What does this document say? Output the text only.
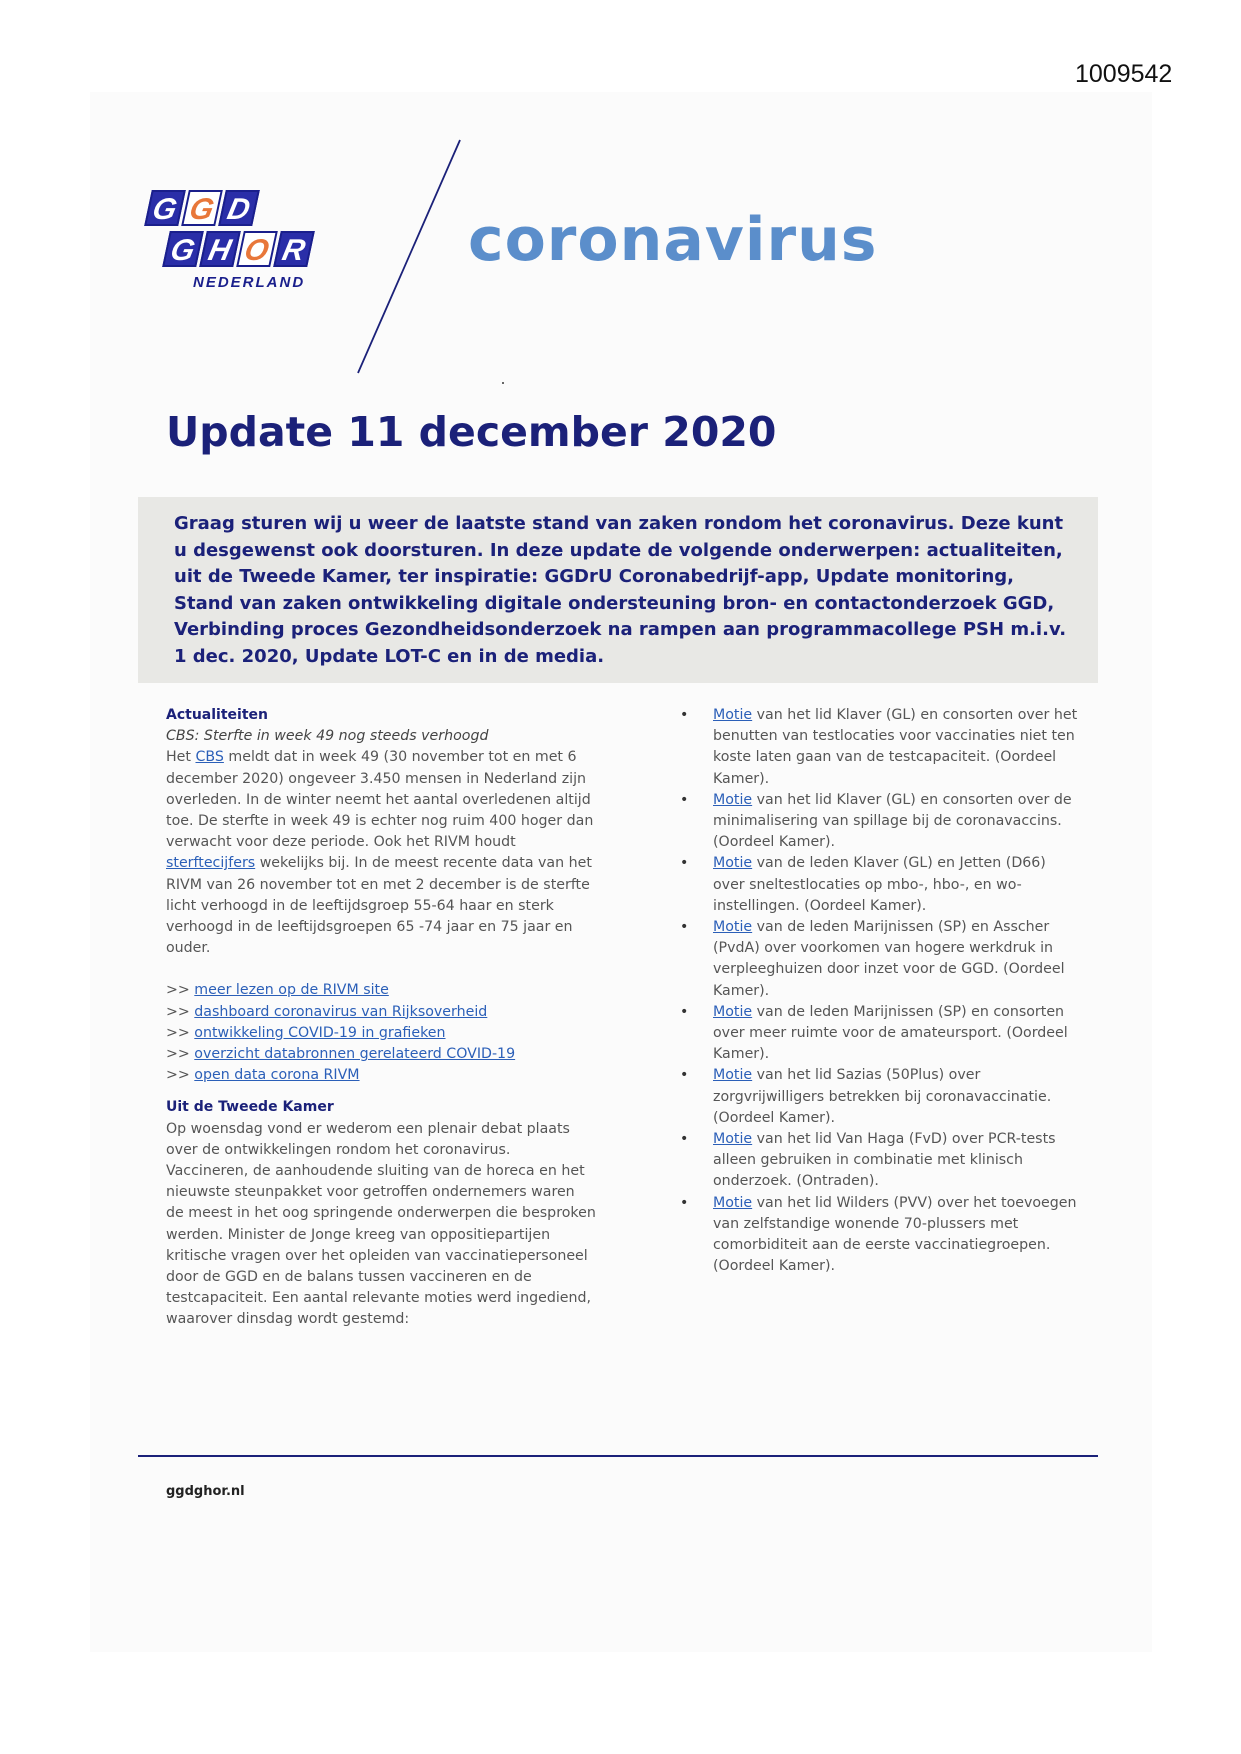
1009542
G G D
G H O R
NEDERLAND
coronavirus
Update 11 december 2020
Graag sturen wij u weer de laatste stand van zaken rondom het coronavirus. Deze kunt u desgewenst ook doorsturen. In deze update de volgende onderwerpen: actualiteiten, uit de Tweede Kamer, ter inspiratie: GGDrU Coronabedrijf-app, Update monitoring, Stand van zaken ontwikkeling digitale ondersteuning bron- en contactonderzoek GGD, Verbinding proces Gezondheidsonderzoek na rampen aan programmacollege PSH m.i.v. 1 dec. 2020, Update LOT-C en in de media.
Actualiteiten
CBS: Sterfte in week 49 nog steeds verhoogd

Het CBS meldt dat in week 49 (30 november tot en met 6 december 2020) ongeveer 3.450 mensen in Nederland zijn overleden. In de winter neemt het aantal overledenen altijd toe. De sterfte in week 49 is echter nog ruim 400 hoger dan verwacht voor deze periode. Ook het RIVM houdt sterftecijfers wekelijks bij. In de meest recente data van het RIVM van 26 november tot en met 2 december is de sterfte licht verhoogd in de leeftijdsgroep 55-64 haar en sterk verhoogd in de leeftijdsgroepen 65 -74 jaar en 75 jaar en ouder.

>> meer lezen op de RIVM site
>> dashboard coronavirus van Rijksoverheid
>> ontwikkeling COVID-19 in grafieken
>> overzicht databronnen gerelateerd COVID-19
>> open data corona RIVM
Uit de Tweede Kamer

Op woensdag vond er wederom een plenair debat plaats over de ontwikkelingen rondom het coronavirus. Vaccineren, de aanhoudende sluiting van de horeca en het nieuwste steunpakket voor getroffen ondernemers waren de meest in het oog springende onderwerpen die besproken werden. Minister de Jonge kreeg van oppositiepartijen kritische vragen over het opleiden van vaccinatiepersoneel door de GGD en de balans tussen vaccineren en de testcapaciteit. Een aantal relevante moties werd ingediend, waarover dinsdag wordt gestemd:

•	Motie van het lid Klaver (GL) en consorten over het benutten van testlocaties voor vaccinaties niet ten koste laten gaan van de testcapaciteit. (Oordeel Kamer).
•	Motie van het lid Klaver (GL) en consorten over de minimalisering van spillage bij de coronavaccins. (Oordeel Kamer).
•	Motie van de leden Klaver (GL) en Jetten (D66) over sneltestlocaties op mbo-, hbo-, en wo-instellingen. (Oordeel Kamer).
•	Motie van de leden Marijnissen (SP) en Asscher (PvdA) over voorkomen van hogere werkdruk in verpleeghuizen door inzet voor de GGD. (Oordeel Kamer).
•	Motie van de leden Marijnissen (SP) en consorten over meer ruimte voor de amateursport. (Oordeel Kamer).
•	Motie van het lid Sazias (50Plus) over zorgvrijwilligers betrekken bij coronavaccinatie. (Oordeel Kamer).
•	Motie van het lid Van Haga (FvD) over PCR-tests alleen gebruiken in combinatie met klinisch onderzoek. (Ontraden).
•	Motie van het lid Wilders (PVV) over het toevoegen van zelfstandige wonende 70-plussers met comorbiditeit aan de eerste vaccinatiegroepen. (Oordeel Kamer).
ggdghor.nl
